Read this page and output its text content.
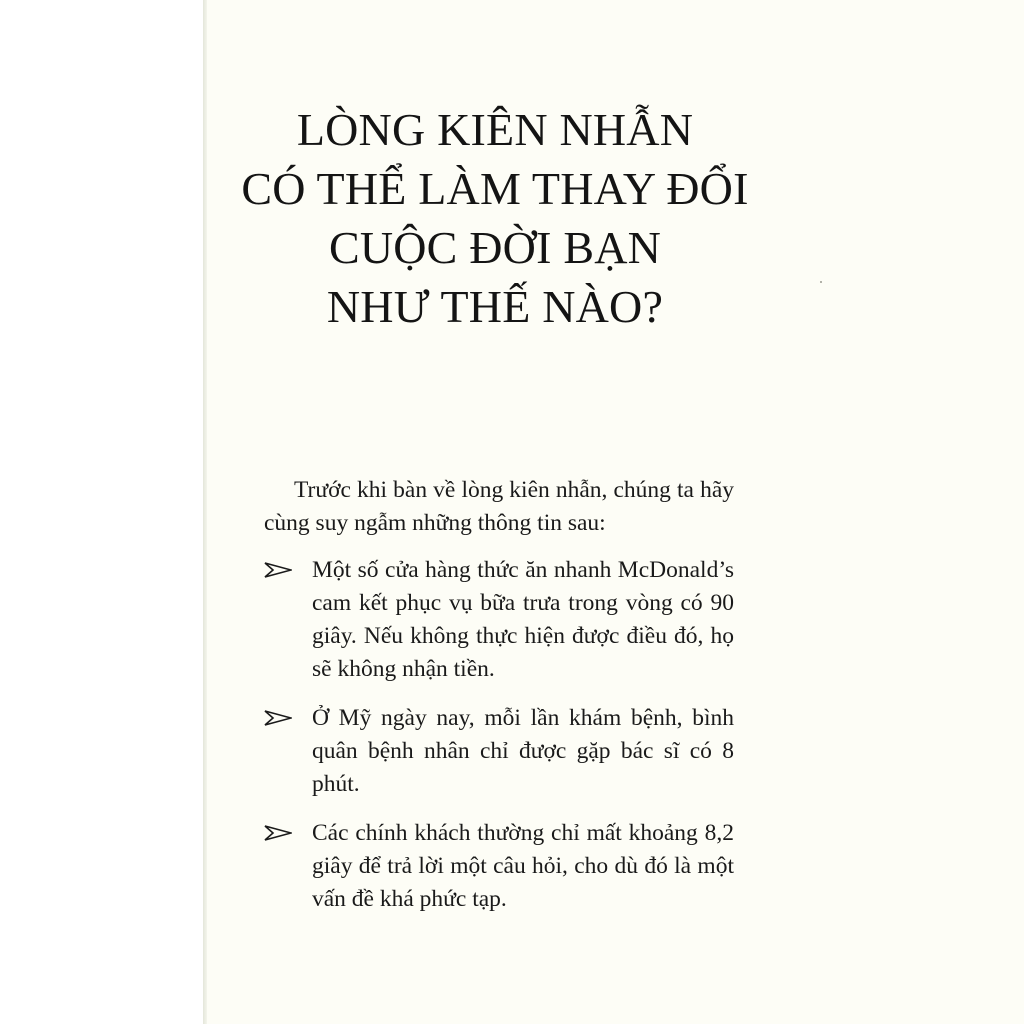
LÒNG KIÊN NHẪN
CÓ THỂ LÀM THAY ĐỔI
CUỘC ĐỜI BẠN
NHƯ THẾ NÀO?

Trước khi bàn về lòng kiên nhẫn, chúng ta hãy cùng suy ngẫm những thông tin sau:

Một số cửa hàng thức ăn nhanh McDonald’s cam kết phục vụ bữa trưa trong vòng có 90 giây. Nếu không thực hiện được điều đó, họ sẽ không nhận tiền.
Ở Mỹ ngày nay, mỗi lần khám bệnh, bình quân bệnh nhân chỉ được gặp bác sĩ có 8 phút.
Các chính khách thường chỉ mất khoảng 8,2 giây để trả lời một câu hỏi, cho dù đó là một vấn đề khá phức tạp.
